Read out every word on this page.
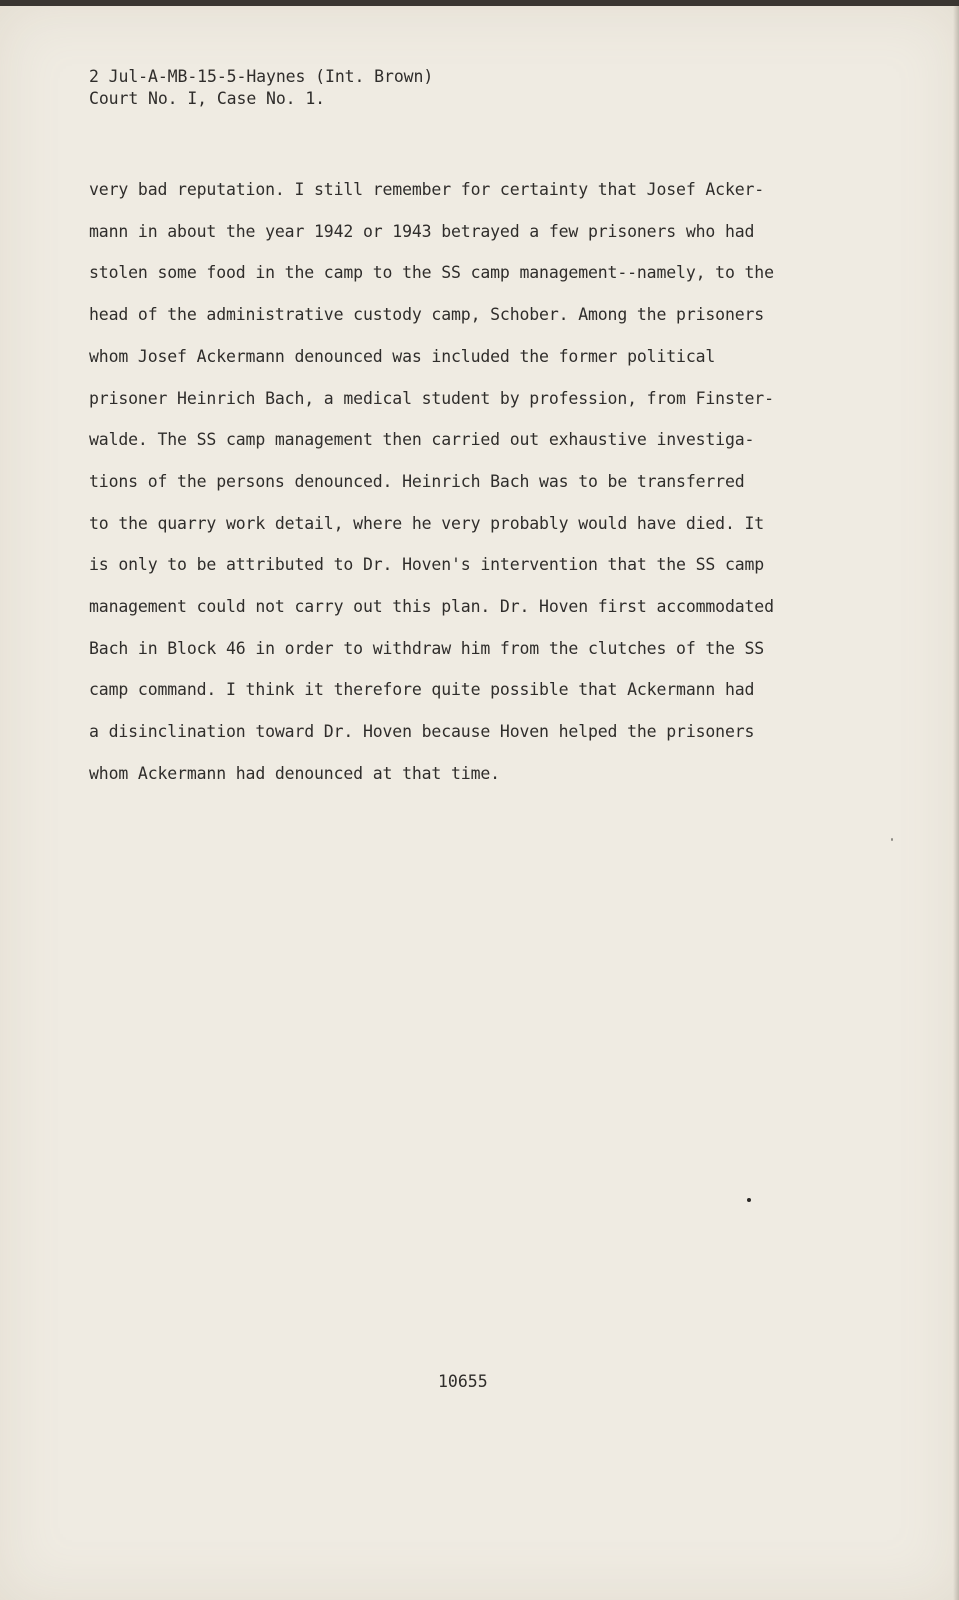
2 Jul-A-MB-15-5-Haynes (Int. Brown)
Court No. I, Case No. 1.
very bad reputation. I still remember for certainty that Josef Acker-
mann in about the year 1942 or 1943 betrayed a few prisoners who had
stolen some food in the camp to the SS camp management--namely, to the
head of the administrative custody camp, Schober. Among the prisoners
whom Josef Ackermann denounced was included the former political
prisoner Heinrich Bach, a medical student by profession, from Finster-
walde. The SS camp management then carried out exhaustive investiga-
tions of the persons denounced. Heinrich Bach was to be transferred
to the quarry work detail, where he very probably would have died. It
is only to be attributed to Dr. Hoven's intervention that the SS camp
management could not carry out this plan. Dr. Hoven first accommodated
Bach in Block 46 in order to withdraw him from the clutches of the SS
camp command. I think it therefore quite possible that Ackermann had
a disinclination toward Dr. Hoven because Hoven helped the prisoners
whom Ackermann had denounced at that time.
10655
